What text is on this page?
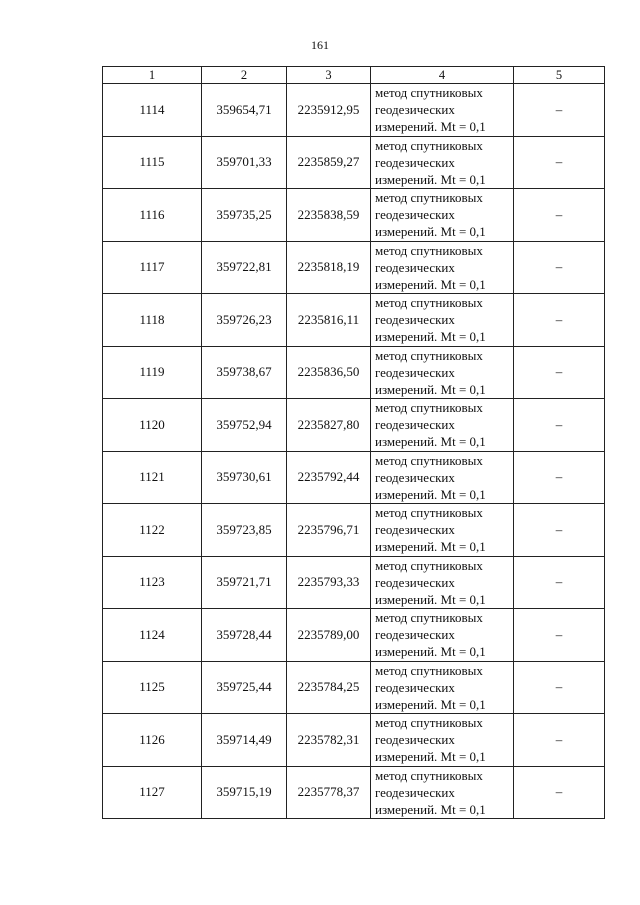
161
1	2	3	4	5
1114	359654,71	2235912,95	метод спутниковых
геодезических
измерений. Mt = 0,1	–
1115	359701,33	2235859,27	метод спутниковых
геодезических
измерений. Mt = 0,1	–
1116	359735,25	2235838,59	метод спутниковых
геодезических
измерений. Mt = 0,1	–
1117	359722,81	2235818,19	метод спутниковых
геодезических
измерений. Mt = 0,1	–
1118	359726,23	2235816,11	метод спутниковых
геодезических
измерений. Mt = 0,1	–
1119	359738,67	2235836,50	метод спутниковых
геодезических
измерений. Mt = 0,1	–
1120	359752,94	2235827,80	метод спутниковых
геодезических
измерений. Mt = 0,1	–
1121	359730,61	2235792,44	метод спутниковых
геодезических
измерений. Mt = 0,1	–
1122	359723,85	2235796,71	метод спутниковых
геодезических
измерений. Mt = 0,1	–
1123	359721,71	2235793,33	метод спутниковых
геодезических
измерений. Mt = 0,1	–
1124	359728,44	2235789,00	метод спутниковых
геодезических
измерений. Mt = 0,1	–
1125	359725,44	2235784,25	метод спутниковых
геодезических
измерений. Mt = 0,1	–
1126	359714,49	2235782,31	метод спутниковых
геодезических
измерений. Mt = 0,1	–
1127	359715,19	2235778,37	метод спутниковых
геодезических
измерений. Mt = 0,1	–
